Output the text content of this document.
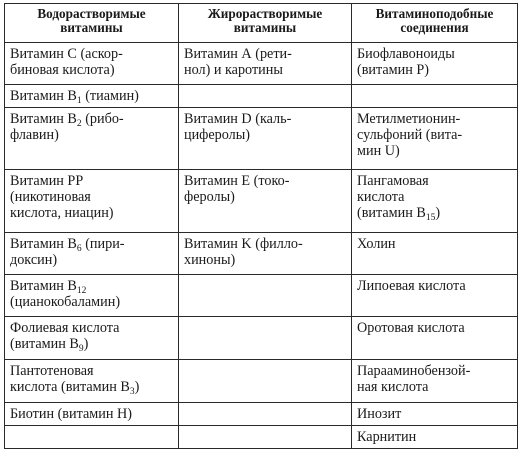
Водорастворимые
витамины	Жирорастворимые
витамины	Витаминоподобные
соединения

Витамин С (аскор-
биновая кислота)	Витамин А (рети-
нол) и каротины	Биофлавоноиды
(витамин Р)

Витамин $В_1$ (тиамин)		

Витамин $В_2$ (рибо-
флавин)	Витамин D (каль-
циферолы)	Метилметионин-
сульфоний (вита-
мин U)

Витамин РР
(никотиновая
кислота, ниацин)	Витамин Е (токо-
феролы)	Пангамовая
кислота
(витамин $В_{15}$)

Витамин $В_6$ (пири-
доксин)	Витамин K (филло-
хиноны)	Холин

Витамин $В_{12}$
(цианокобаламин)		Липоевая кислота

Фолиевая кислота
(витамин $В_9$)		Оротовая кислота

Пантотеновая
кислота (витамин $В_3$)		Парааминобензой-
ная кислота

Биотин (витамин Н)		Инозит

		Карнитин
